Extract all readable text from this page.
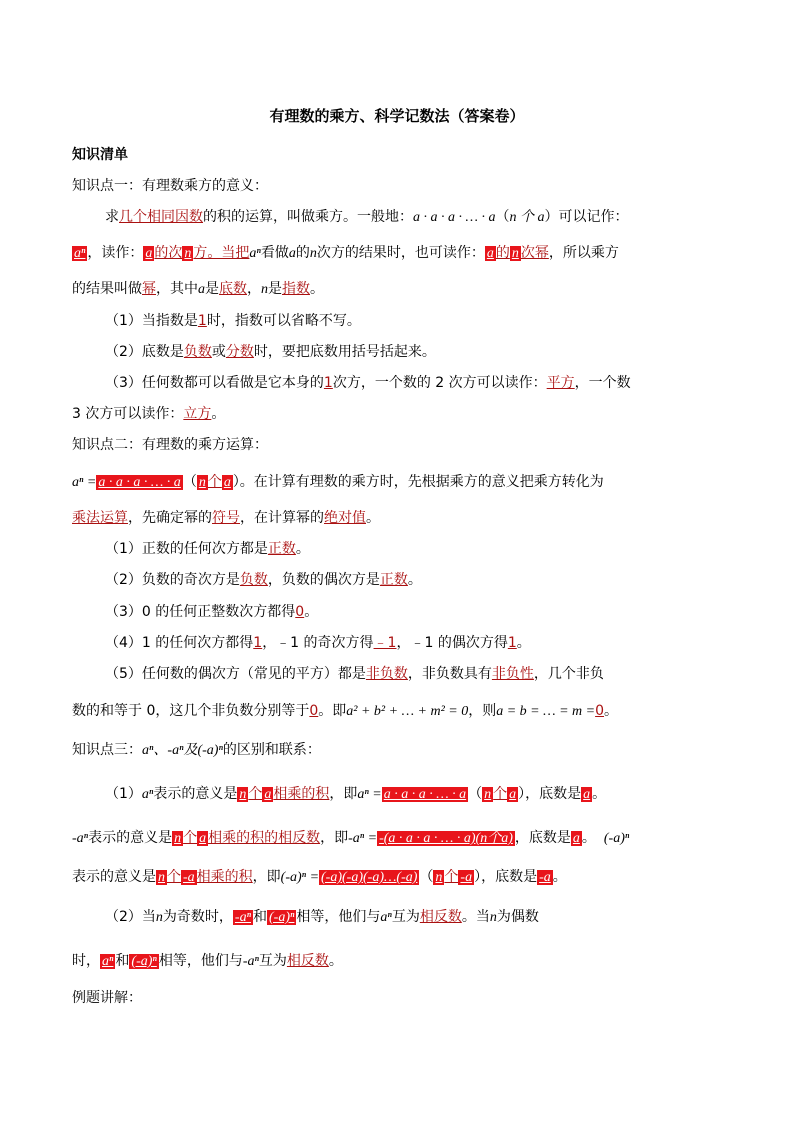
有理数的乘方、科学记数法（答案卷）
知识清单
知识点一：有理数乘方的意义：
求几个相同因数的积的运算，叫做乘方。一般地：a · a · a · … · a（n 个 a）可以记作：
aⁿ ，读作： a 的次 n 方。当把aⁿ看做a的n次方的结果时，也可读作： a 的 n 次幂，所以乘方
的结果叫做幂，其中a是底数，n是指数。
（1）当指数是1时，指数可以省略不写。
（2）底数是负数或分数时，要把底数用括号括起来。
（3）任何数都可以看做是它本身的1次方，一个数的 2 次方可以读作：平方，一个数
3 次方可以读作：立方。
知识点二：有理数的乘方运算：
aⁿ = a · a · a · … · a （ n 个 a ）。在计算有理数的乘方时，先根据乘方的意义把乘方转化为
乘法运算，先确定幂的符号，在计算幂的绝对值。
（1）正数的任何次方都是正数。
（2）负数的奇次方是负数，负数的偶次方是正数。
（3）0 的任何正整数次方都得0。
（4）1 的任何次方都得1，﹣1 的奇次方得﹣1，﹣1 的偶次方得1。
（5）任何数的偶次方（常见的平方）都是非负数，非负数具有非负性，几个非负
数的和等于 0，这几个非负数分别等于0。即a² + b² + … + m² = 0，则a = b = … = m =0。
知识点三：aⁿ、-aⁿ及(-a)ⁿ的区别和联系：
（1）aⁿ表示的意义是 n 个 a 相乘的积，即aⁿ = a · a · a · … · a （ n 个 a ），底数是 a 。
-aⁿ表示的意义是 n 个 a 相乘的积的相反数，即-aⁿ = -(a · a · a · … · a)(n个a) ，底数是 a 。 (-a)ⁿ
表示的意义是 n 个 -a 相乘的积，即(-a)ⁿ = (-a)(-a)(-a)…(-a) （ n 个 -a ），底数是 -a 。
（2）当n为奇数时， -aⁿ 和 (-a)ⁿ 相等，他们与aⁿ互为相反数。当n为偶数
时， aⁿ 和 (-a)ⁿ 相等，他们与-aⁿ互为相反数。
例题讲解：
